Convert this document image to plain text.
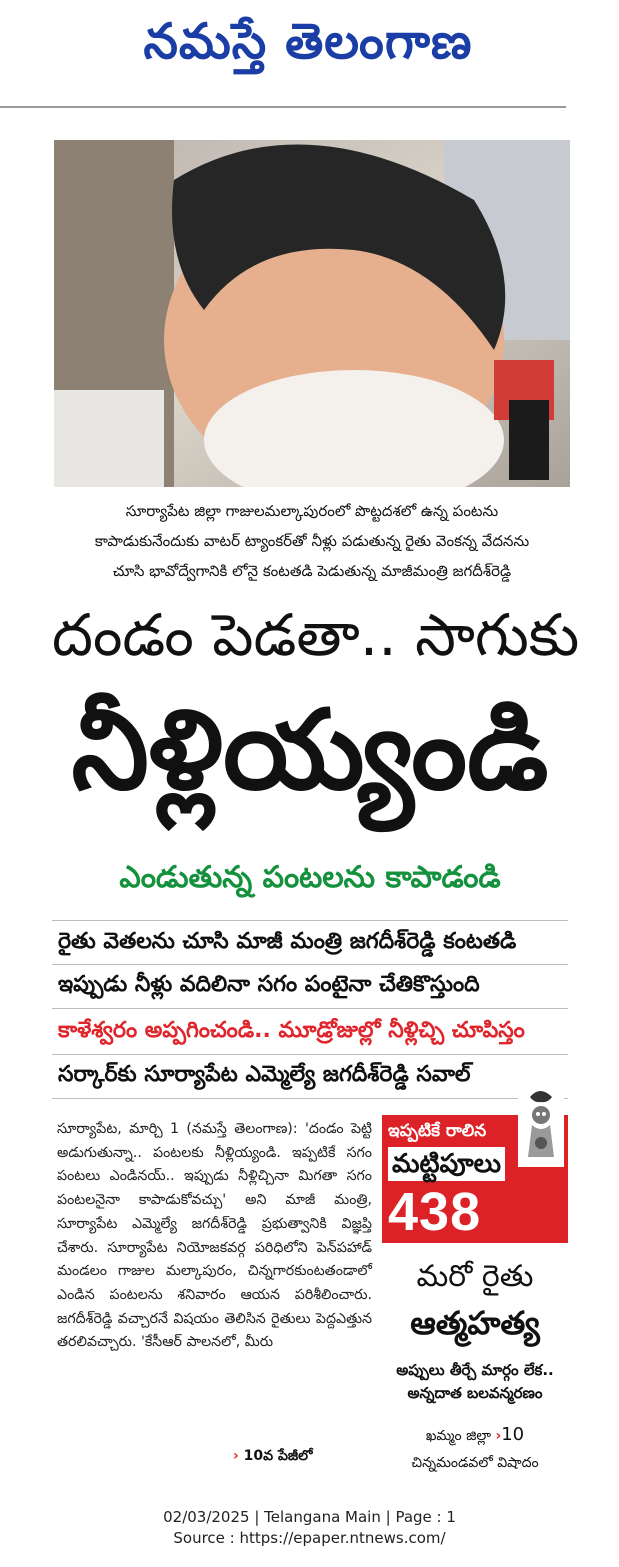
నమస్తే తెలంగాణ

సూర్యాపేట జిల్లా గాజులమల్కాపురంలో పొట్టదశలో ఉన్న పంటను

కాపాడుకునేందుకు వాటర్ ట్యాంకర్‌తో నీళ్లు పడుతున్న రైతు వెంకన్న వేదనను

చూసి భావోద్వేగానికి లోనై కంటతడి పెడుతున్న మాజీమంత్రి జగదీశ్‌రెడ్డి

దండం పెడతా.. సాగుకు
నీళ్లియ్యండి
ఎండుతున్న పంటలను కాపాడండి
రైతు వెతలను చూసి మాజీ మంత్రి జగదీశ్‌రెడ్డి కంటతడి
ఇప్పుడు నీళ్లు వదిలినా సగం పంటైనా చేతికొస్తుంది
కాళేశ్వరం అప్పగించండి.. మూడ్రోజుల్లో నీళ్లిచ్చి చూపిస్తం
సర్కార్‌కు సూర్యాపేట ఎమ్మెల్యే జగదీశ్‌రెడ్డి సవాల్

సూర్యాపేట, మార్చి 1 (నమస్తే తెలంగాణ): 'దండం పెట్టి అడుగుతున్నా.. పంటలకు నీళ్లియ్యండి. ఇప్పటికే సగం పంటలు ఎండినయ్.. ఇప్పుడు నీళ్లిచ్చినా మిగతా సగం పంటలనైనా కాపాడుకోవచ్చు' అని మాజీ మంత్రి, సూర్యాపేట ఎమ్మెల్యే జగదీశ్‌రెడ్డి ప్రభుత్వానికి విజ్ఞప్తి చేశారు. సూర్యాపేట నియోజకవర్గ పరిధిలోని పెన్‌పహాడ్ మండలం గాజుల మల్కాపురం, చిన్నగారకుంటతండాలో ఎండిన పంటలను శనివారం ఆయన పరిశీలించారు. జగదీశ్‌రెడ్డి వచ్చారనే విషయం తెలిసిన రైతులు పెద్దఎత్తున తరలివచ్చారు. 'కేసీఆర్ పాలనలో, మీరు

› 10వ పేజీలో
ఇప్పటికే రాలిన
మట్టిపూలు
438
మరో రైతు
ఆత్మహత్య

అప్పులు తీర్చే మార్గం లేక..

అన్నదాత బలవన్మరణం

ఖమ్మం జిల్లా ›10
చిన్నమండవలో విషాదం

02/03/2025 | Telangana Main | Page : 1

Source : https://epaper.ntnews.com/
